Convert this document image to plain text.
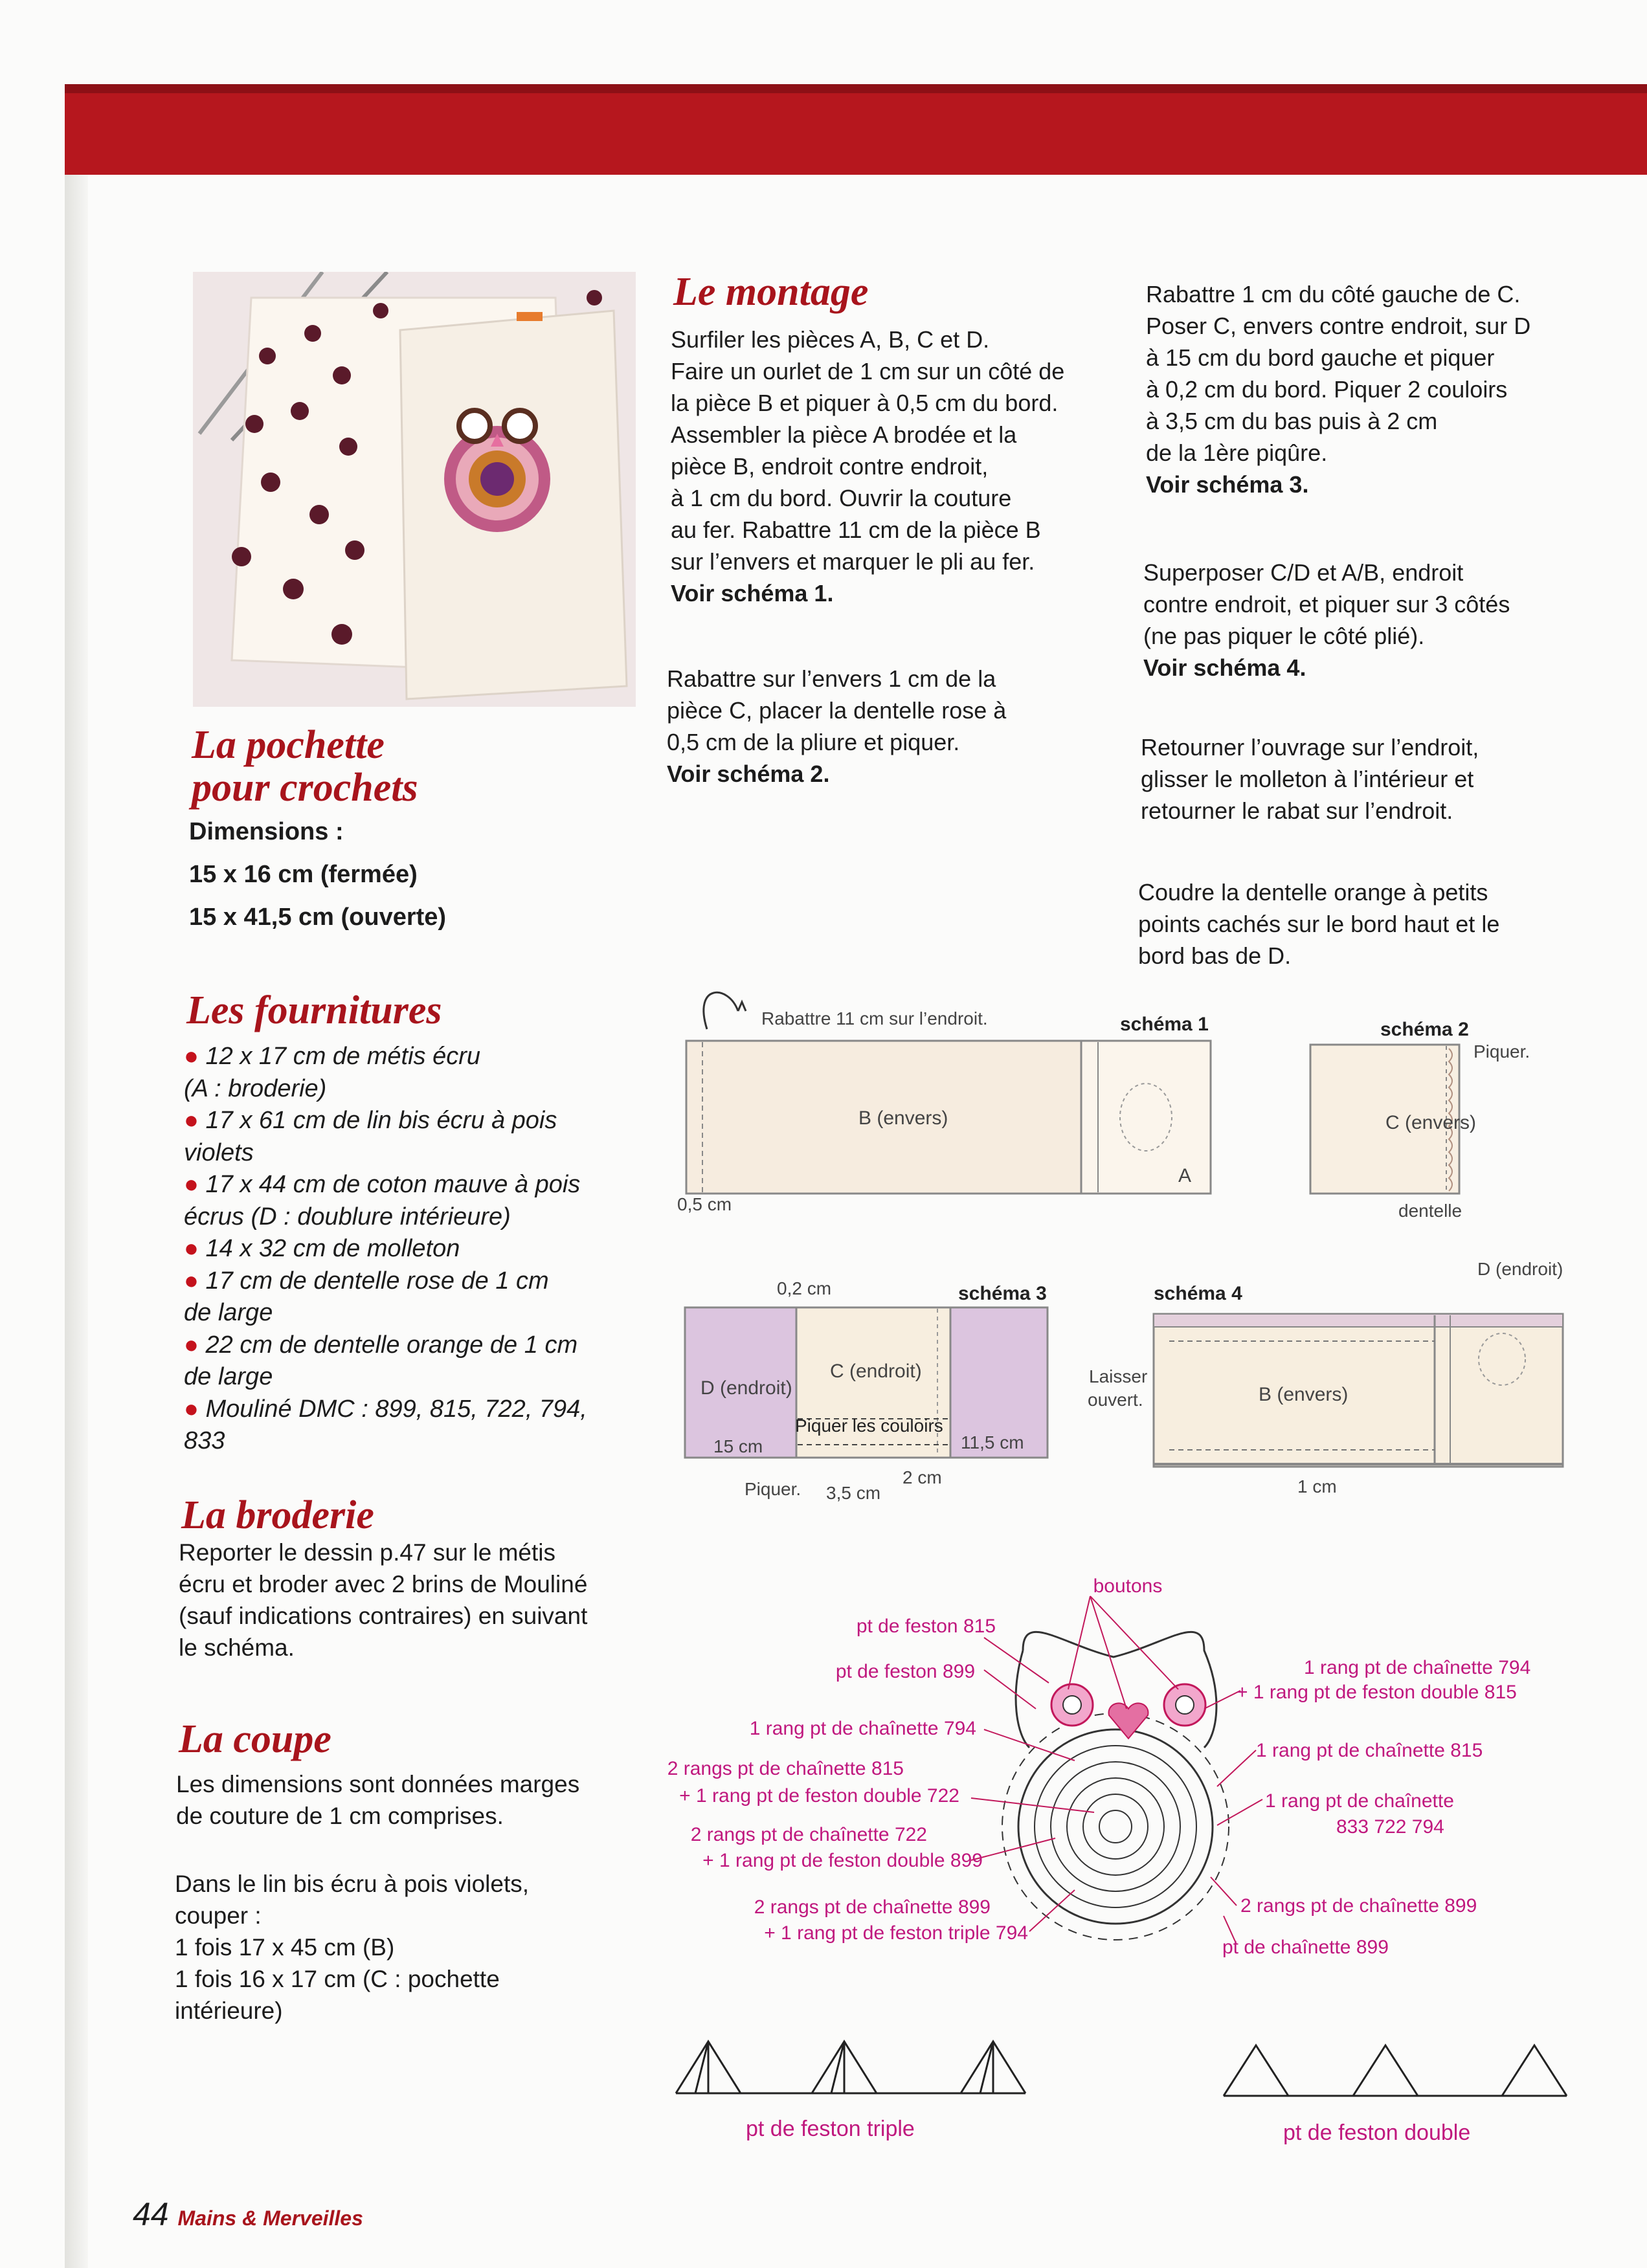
La pochette
pour crochets
Dimensions :
15 x 16 cm (fermée)
15 x 41,5 cm (ouverte)
Les fournitures
● 12 x 17 cm de métis écru
(A : broderie)
● 17 x 61 cm de lin bis écru à pois
violets
● 17 x 44 cm de coton mauve à pois
écrus (D : doublure intérieure)
● 14 x 32 cm de molleton
● 17 cm de dentelle rose de 1 cm
de large
● 22 cm de dentelle orange de 1 cm
de large
● Mouliné DMC : 899, 815, 722, 794,
833
La broderie
Reporter le dessin p.47 sur le métis
écru et broder avec 2 brins de Mouliné
(sauf indications contraires) en suivant
le schéma.
La coupe
Les dimensions sont données marges
de couture de 1 cm comprises.
Dans le lin bis écru à pois violets,
couper :
1 fois 17 x 45 cm (B)
1 fois 16 x 17 cm (C : pochette
intérieure)
Le montage
Surfiler les pièces A, B, C et D.
Faire un ourlet de 1 cm sur un côté de
la pièce B et piquer à 0,5 cm du bord.
Assembler la pièce A brodée et la
pièce B, endroit contre endroit,
à 1 cm du bord. Ouvrir la couture
au fer. Rabattre 11 cm de la pièce B
sur l’envers et marquer le pli au fer.
Voir schéma 1.
Rabattre sur l’envers 1 cm de la
pièce C, placer la dentelle rose à
0,5 cm de la pliure et piquer.
Voir schéma 2.
Rabattre 1 cm du côté gauche de C.
Poser C, envers contre endroit, sur D
à 15 cm du bord gauche et piquer
à 0,2 cm du bord. Piquer 2 couloirs
à 3,5 cm du bas puis à 2 cm
de la 1ère piqûre.
Voir schéma 3.
Superposer C/D et A/B, endroit
contre endroit, et piquer sur 3 côtés
(ne pas piquer le côté plié).
Voir schéma 4.
Retourner l’ouvrage sur l’endroit,
glisser le molleton à l’intérieur et
retourner le rabat sur l’endroit.
Coudre la dentelle orange à petits
points cachés sur le bord haut et le
bord bas de D.
Rabattre 11 cm sur l’endroit.	schéma 1
B (envers)
A
0,5 cm
schéma 2
Piquer.
C (envers)
dentelle
0,2 cm	schéma 3
D (endroit)
C (endroit)
Piquer les couloirs
15 cm	11,5 cm
Piquer. 3,5 cm
2 cm
D (endroit)
schéma 4
Laisser
ouvert.	B (envers)
1 cm
boutons
pt de feston 815
pt de feston 899
1 rang pt de chaînette 794
2 rangs pt de chaînette 815
+ 1 rang pt de feston double 722
2 rangs pt de chaînette 722
+ 1 rang pt de feston double 899
2 rangs pt de chaînette 899
+ 1 rang pt de feston triple 794
1 rang pt de chaînette 794
+ 1 rang pt de feston double 815
1 rang pt de chaînette 815
1 rang pt de chaînette
833 722 794
2 rangs pt de chaînette 899
pt de chaînette 899
pt de feston triple	pt de feston double
44 Mains & Merveilles
